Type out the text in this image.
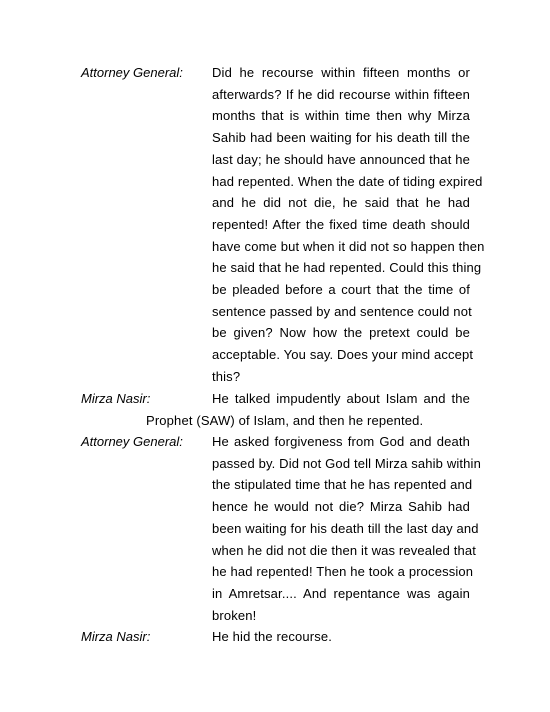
Attorney General: Did he recourse within fifteen months or
afterwards? If he did recourse within fifteen
months that is within time then why Mirza
Sahib had been waiting for his death till the
last day; he should have announced that he
had repented. When the date of tiding expired
and he did not die, he said that he had
repented! After the fixed time death should
have come but when it did not so happen then
he said that he had repented. Could this thing
be pleaded before a court that the time of
sentence passed by and sentence could not
be given? Now how the pretext could be
acceptable. You say. Does your mind accept
this?
Mirza Nasir:	He talked impudently about Islam and the
Prophet (SAW) of Islam, and then he repented.
Attorney General: He asked forgiveness from God and death
passed by. Did not God tell Mirza sahib within
the stipulated time that he has repented and
hence he would not die? Mirza Sahib had
been waiting for his death till the last day and
when he did not die then it was revealed that
he had repented! Then he took a procession
in Amretsar.... And repentance was again
broken!
Mirza Nasir:	He hid the recourse.
